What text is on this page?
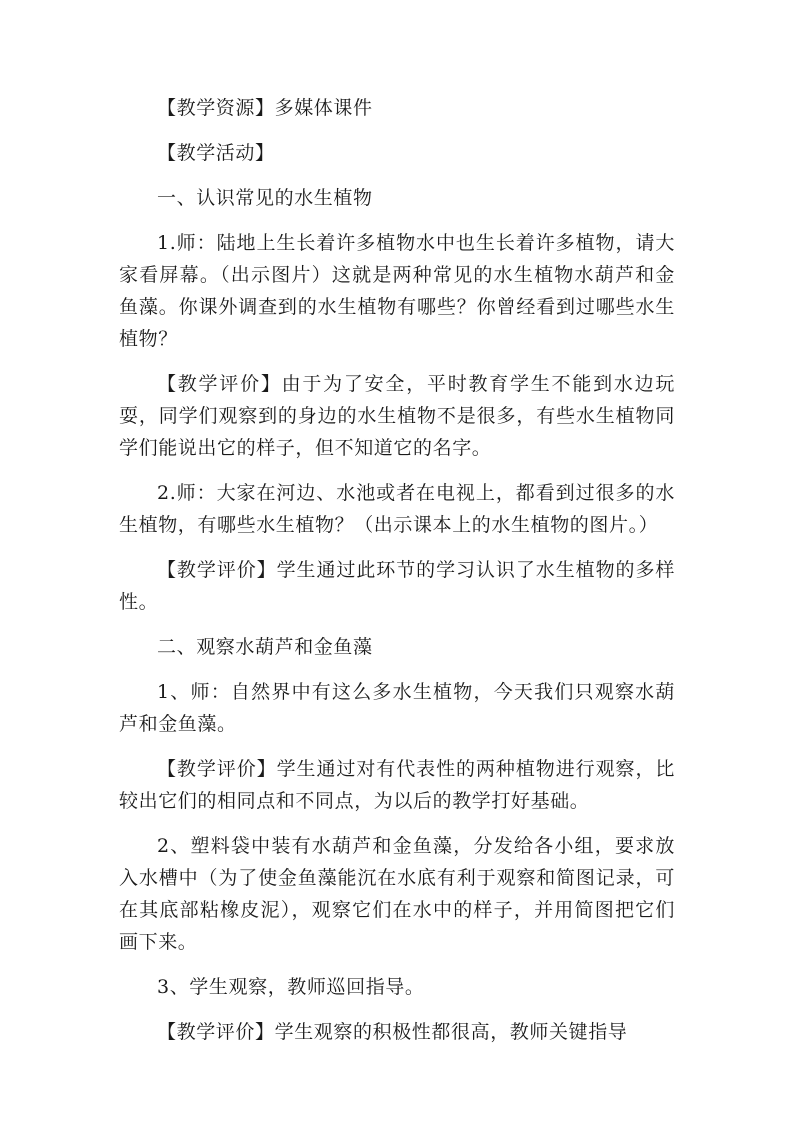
【教学资源】多媒体课件

【教学活动】

一、认识常见的水生植物

1.师：陆地上生长着许多植物水中也生长着许多植物，请大家看屏幕。（出示图片）这就是两种常见的水生植物水葫芦和金鱼藻。你课外调查到的水生植物有哪些？你曾经看到过哪些水生植物？

【教学评价】由于为了安全，平时教育学生不能到水边玩耍，同学们观察到的身边的水生植物不是很多，有些水生植物同学们能说出它的样子，但不知道它的名字。

2.师：大家在河边、水池或者在电视上，都看到过很多的水生植物，有哪些水生植物？（出示课本上的水生植物的图片。）

【教学评价】学生通过此环节的学习认识了水生植物的多样性。

二、观察水葫芦和金鱼藻

1、师：自然界中有这么多水生植物，今天我们只观察水葫芦和金鱼藻。

【教学评价】学生通过对有代表性的两种植物进行观察，比较出它们的相同点和不同点，为以后的教学打好基础。

2、塑料袋中装有水葫芦和金鱼藻，分发给各小组，要求放入水槽中（为了使金鱼藻能沉在水底有利于观察和简图记录，可在其底部粘橡皮泥），观察它们在水中的样子，并用简图把它们画下来。

3、学生观察，教师巡回指导。

【教学评价】学生观察的积极性都很高，教师关键指导
